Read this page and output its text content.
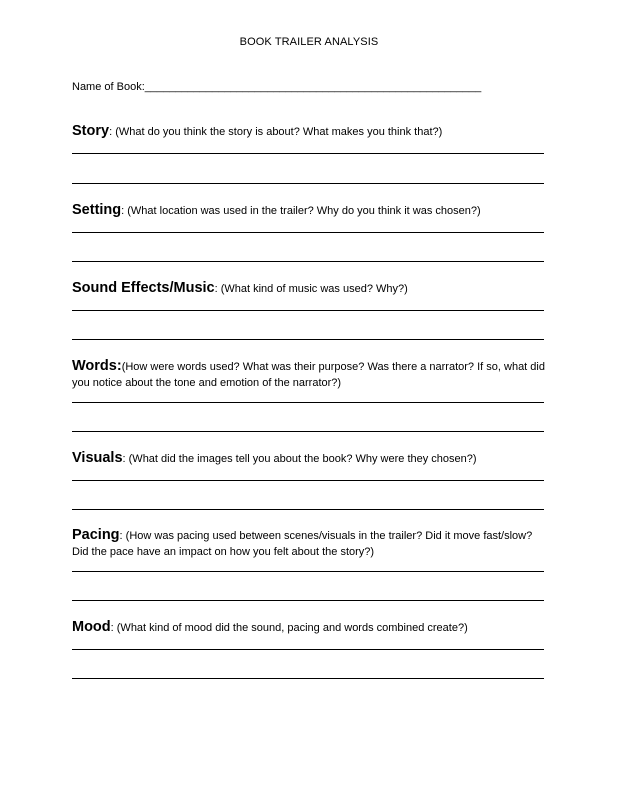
BOOK TRAILER ANALYSIS
Name of Book:_______________________________________________________
Story: (What do you think the story is about? What makes you think that?)
Setting: (What location was used in the trailer? Why do you think it was chosen?)
Sound Effects/Music: (What kind of music was used? Why?)
Words:(How were words used? What was their purpose? Was there a narrator? If so, what did you notice about the tone and emotion of the narrator?)
Visuals: (What did the images tell you about the book? Why were they chosen?)
Pacing: (How was pacing used between scenes/visuals in the trailer? Did it move fast/slow? Did the pace have an impact on how you felt about the story?)
Mood: (What kind of mood did the sound, pacing and words combined create?)
